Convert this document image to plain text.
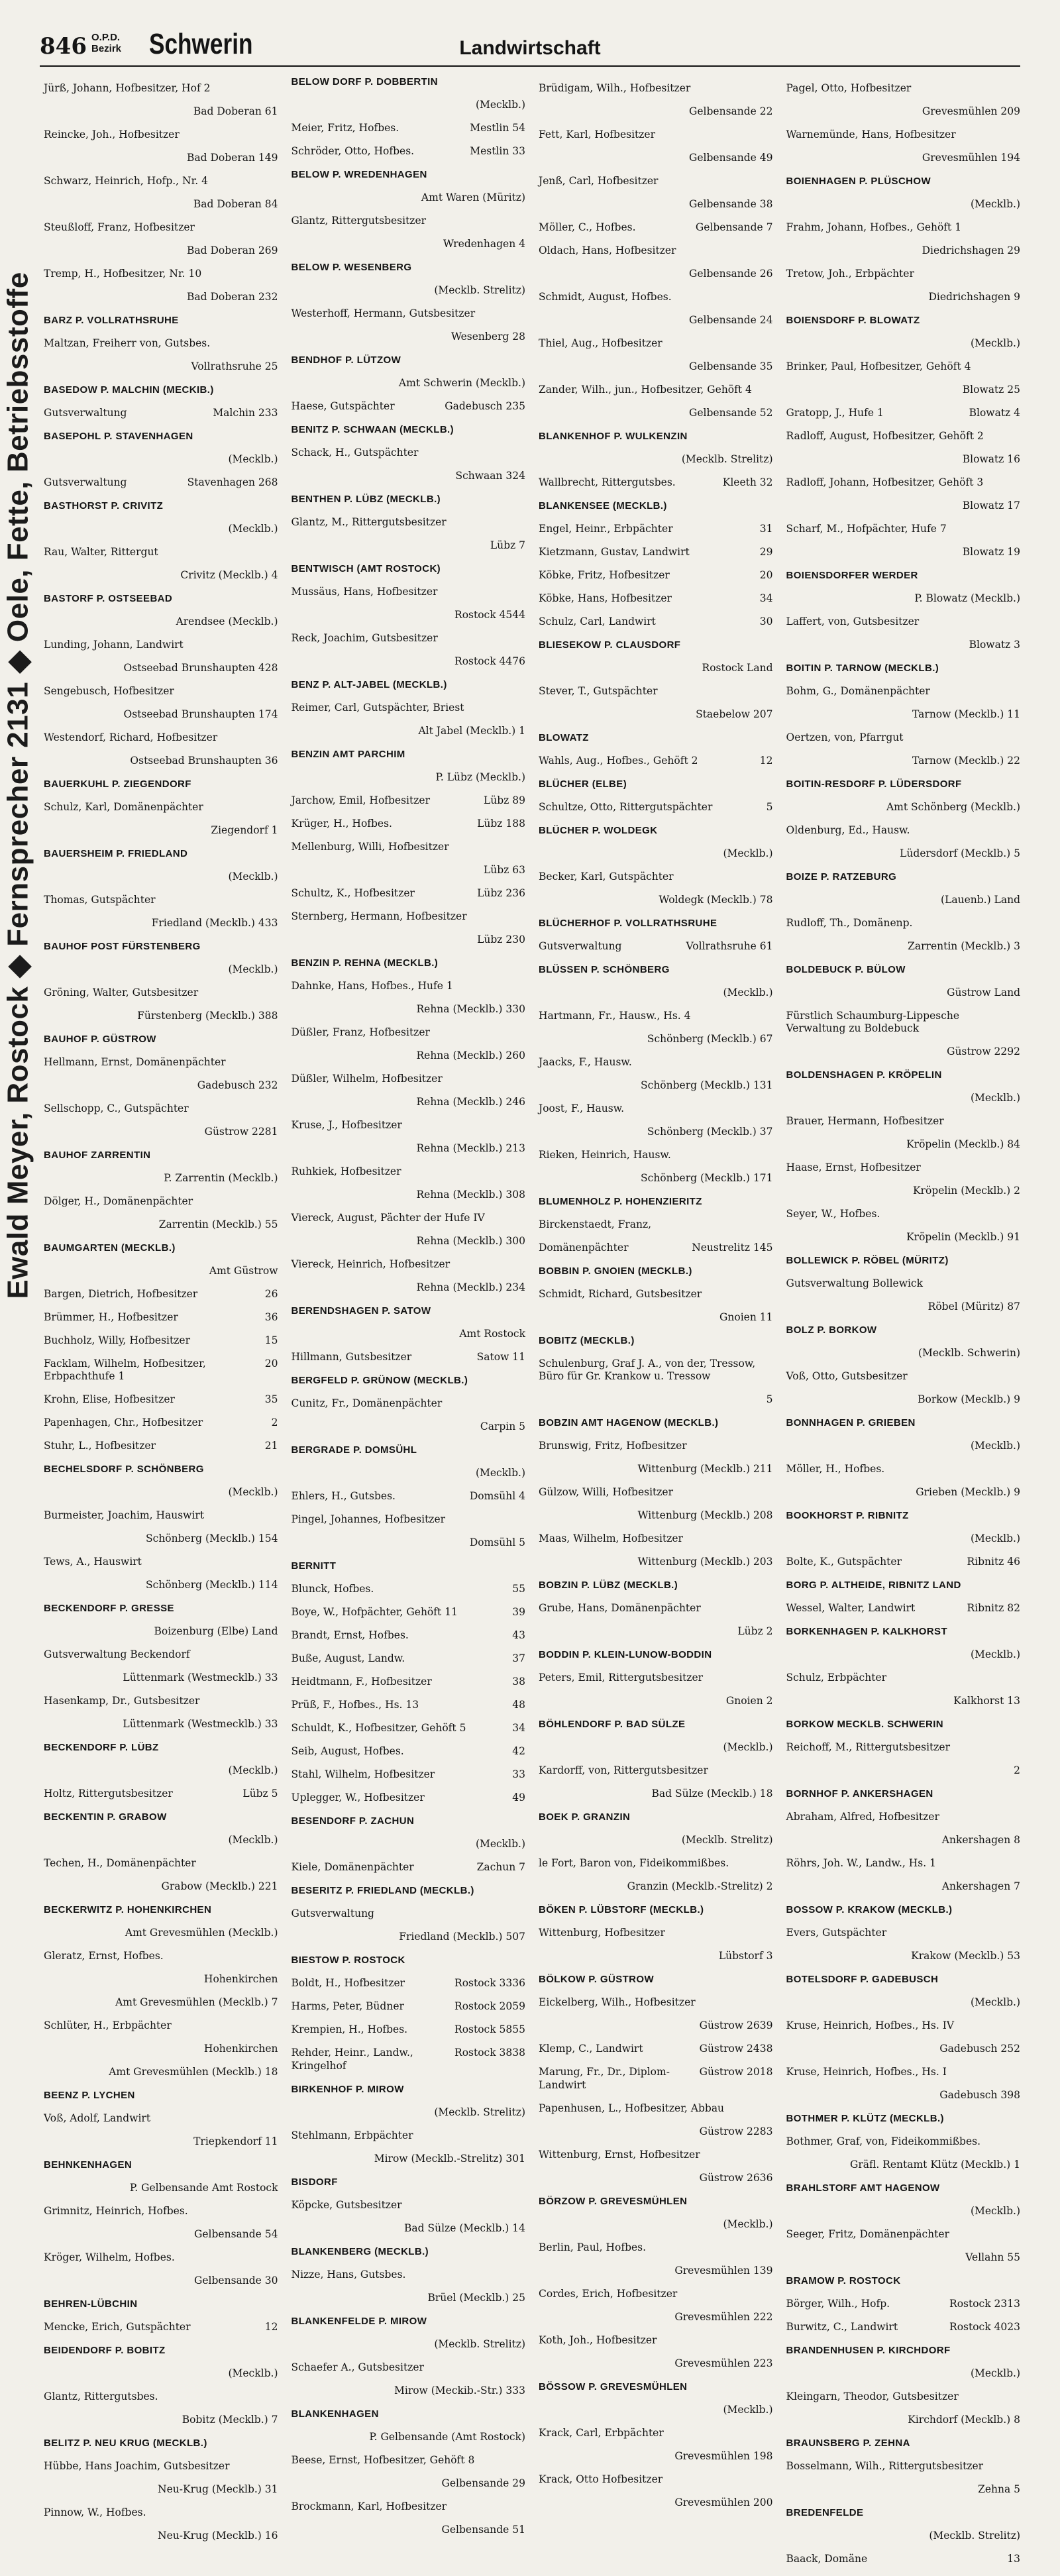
846 O.P.D.
Bezirk Schwerin	Landwirtschaft
Ewald Meyer, Rostock ◆ Fernsprecher 2131 ◆ Oele, Fette, Betriebsstoffe

Jürß, Johann, Hofbesitzer, Hof 2

Bad Doberan 61

Reincke, Joh., Hofbesitzer

Bad Doberan 149

Schwarz, Heinrich, Hofp., Nr. 4

Bad Doberan 84

Steußloff, Franz, Hofbesitzer

Bad Doberan 269

Tremp, H., Hofbesitzer, Nr. 10

Bad Doberan 232

BARZ P. VOLLRATHSRUHE

Maltzan, Freiherr von, Gutsbes.

Vollrathsruhe 25

BASEDOW P. MALCHIN (MECKIB.)

Gutsverwaltung	Malchin 233

BASEPOHL P. STAVENHAGEN

(Mecklb.)

Gutsverwaltung	Stavenhagen 268

BASTHORST P. CRIVITZ

(Mecklb.)

Rau, Walter, Rittergut

Crivitz (Mecklb.) 4

BASTORF P. OSTSEEBAD

Arendsee (Mecklb.)

Lunding, Johann, Landwirt

Ostseebad Brunshaupten 428

Sengebusch, Hofbesitzer

Ostseebad Brunshaupten 174

Westendorf, Richard, Hofbesitzer

Ostseebad Brunshaupten 36

BAUERKUHL P. ZIEGENDORF

Schulz, Karl, Domänenpächter

Ziegendorf 1

BAUERSHEIM P. FRIEDLAND

(Mecklb.)

Thomas, Gutspächter

Friedland (Mecklb.) 433

BAUHOF POST FÜRSTENBERG

(Mecklb.)

Gröning, Walter, Gutsbesitzer

Fürstenberg (Mecklb.) 388

BAUHOF P. GÜSTROW

Hellmann, Ernst, Domänenpächter

Gadebusch 232

Sellschopp, C., Gutspächter

Güstrow 2281

BAUHOF ZARRENTIN

P. Zarrentin (Mecklb.)

Dölger, H., Domänenpächter

Zarrentin (Mecklb.) 55

BAUMGARTEN (MECKLB.)

Amt Güstrow

Bargen, Dietrich, Hofbesitzer	26

Brümmer, H., Hofbesitzer	36

Buchholz, Willy, Hofbesitzer	15

Facklam, Wilhelm, Hofbesitzer, Erbpachthufe 1
20

Krohn, Elise, Hofbesitzer	35

Papenhagen, Chr., Hofbesitzer	2

Stuhr, L., Hofbesitzer	21

BECHELSDORF P. SCHÖNBERG

(Mecklb.)

Burmeister, Joachim, Hauswirt

Schönberg (Mecklb.) 154

Tews, A., Hauswirt

Schönberg (Mecklb.) 114

BECKENDORF P. GRESSE

Boizenburg (Elbe) Land

Gutsverwaltung Beckendorf

Lüttenmark (Westmecklb.) 33

Hasenkamp, Dr., Gutsbesitzer

Lüttenmark (Westmecklb.) 33

BECKENDORF P. LÜBZ

(Mecklb.)

Holtz, Rittergutsbesitzer	Lübz 5

BECKENTIN P. GRABOW

(Mecklb.)

Techen, H., Domänenpächter

Grabow (Mecklb.) 221

BECKERWITZ P. HOHENKIRCHEN

Amt Grevesmühlen (Mecklb.)

Gleratz, Ernst, Hofbes.

Hohenkirchen

Amt Grevesmühlen (Mecklb.) 7

Schlüter, H., Erbpächter

Hohenkirchen

Amt Grevesmühlen (Mecklb.) 18

BEENZ P. LYCHEN

Voß, Adolf, Landwirt

Triepkendorf 11

BEHNKENHAGEN

P. Gelbensande Amt Rostock

Grimnitz, Heinrich, Hofbes.

Gelbensande 54

Kröger, Wilhelm, Hofbes.

Gelbensande 30

BEHREN-LÜBCHIN

Mencke, Erich, Gutspächter	12

BEIDENDORF P. BOBITZ

(Mecklb.)

Glantz, Rittergutsbes.

Bobitz (Mecklb.) 7

BELITZ P. NEU KRUG (MECKLB.)

Hübbe, Hans Joachim, Gutsbesitzer

Neu-Krug (Mecklb.) 31

Pinnow, W., Hofbes.

Neu-Krug (Mecklb.) 16

BELOW DORF P. DOBBERTIN

(Mecklb.)

Meier, Fritz, Hofbes.	Mestlin 54

Schröder, Otto, Hofbes.	Mestlin 33

BELOW P. WREDENHAGEN

Amt Waren (Müritz)

Glantz, Rittergutsbesitzer

Wredenhagen 4

BELOW P. WESENBERG

(Mecklb. Strelitz)

Westerhoff, Hermann, Gutsbesitzer

Wesenberg 28

BENDHOF P. LÜTZOW

Amt Schwerin (Mecklb.)

Haese, Gutspächter	Gadebusch 235

BENITZ P. SCHWAAN (MECKLB.)

Schack, H., Gutspächter

Schwaan 324

BENTHEN P. LÜBZ (MECKLB.)

Glantz, M., Rittergutsbesitzer

Lübz 7

BENTWISCH (AMT ROSTOCK)

Mussäus, Hans, Hofbesitzer

Rostock 4544

Reck, Joachim, Gutsbesitzer

Rostock 4476

BENZ P. ALT-JABEL (MECKLB.)

Reimer, Carl, Gutspächter, Briest

Alt Jabel (Mecklb.) 1

BENZIN AMT PARCHIM

P. Lübz (Mecklb.)

Jarchow, Emil, Hofbesitzer	Lübz 89

Krüger, H., Hofbes.	Lübz 188

Mellenburg, Willi, Hofbesitzer

Lübz 63

Schultz, K., Hofbesitzer	Lübz 236

Sternberg, Hermann, Hofbesitzer

Lübz 230

BENZIN P. REHNA (MECKLB.)

Dahnke, Hans, Hofbes., Hufe 1

Rehna (Mecklb.) 330

Düßler, Franz, Hofbesitzer

Rehna (Mecklb.) 260

Düßler, Wilhelm, Hofbesitzer

Rehna (Mecklb.) 246

Kruse, J., Hofbesitzer

Rehna (Mecklb.) 213

Ruhkiek, Hofbesitzer

Rehna (Mecklb.) 308

Viereck, August, Pächter der Hufe IV

Rehna (Mecklb.) 300

Viereck, Heinrich, Hofbesitzer

Rehna (Mecklb.) 234

BERENDSHAGEN P. SATOW

Amt Rostock

Hillmann, Gutsbesitzer	Satow 11

BERGFELD P. GRÜNOW (MECKLB.)

Cunitz, Fr., Domänenpächter

Carpin 5

BERGRADE P. DOMSÜHL

(Mecklb.)

Ehlers, H., Gutsbes.	Domsühl 4

Pingel, Johannes, Hofbesitzer

Domsühl 5

BERNITT

Blunck, Hofbes.	55

Boye, W., Hofpächter, Gehöft 11	39

Brandt, Ernst, Hofbes.	43

Buße, August, Landw.	37

Heidtmann, F., Hofbesitzer	38

Prüß, F., Hofbes., Hs. 13	48

Schuldt, K., Hofbesitzer, Gehöft 5	34

Seib, August, Hofbes.	42

Stahl, Wilhelm, Hofbesitzer	33

Uplegger, W., Hofbesitzer	49

BESENDORF P. ZACHUN

(Mecklb.)

Kiele, Domänenpächter	Zachun 7

BESERITZ P. FRIEDLAND (MECKLB.)

Gutsverwaltung

Friedland (Mecklb.) 507

BIESTOW P. ROSTOCK

Boldt, H., Hofbesitzer	Rostock 3336

Harms, Peter, Büdner	Rostock 2059

Krempien, H., Hofbes.	Rostock 5855

Rehder, Heinr., Landw., Kringelhof
Rostock 3838

BIRKENHOF P. MIROW

(Mecklb. Strelitz)

Stehlmann, Erbpächter

Mirow (Mecklb.-Strelitz) 301

BISDORF

Köpcke, Gutsbesitzer

Bad Sülze (Mecklb.) 14

BLANKENBERG (MECKLB.)

Nizze, Hans, Gutsbes.

Brüel (Mecklb.) 25

BLANKENFELDE P. MIROW

(Mecklb. Strelitz)

Schaefer A., Gutsbesitzer

Mirow (Meckib.-Str.) 333

BLANKENHAGEN

P. Gelbensande (Amt Rostock)

Beese, Ernst, Hofbesitzer, Gehöft 8

Gelbensande 29

Brockmann, Karl, Hofbesitzer

Gelbensande 51

Brüdigam, Wilh., Hofbesitzer

Gelbensande 22

Fett, Karl, Hofbesitzer

Gelbensande 49

Jenß, Carl, Hofbesitzer

Gelbensande 38

Möller, C., Hofbes.	Gelbensande 7

Oldach, Hans, Hofbesitzer

Gelbensande 26

Schmidt, August, Hofbes.

Gelbensande 24

Thiel, Aug., Hofbesitzer

Gelbensande 35

Zander, Wilh., jun., Hofbesitzer, Gehöft 4

Gelbensande 52

BLANKENHOF P. WULKENZIN

(Mecklb. Strelitz)

Wallbrecht, Rittergutsbes.	Kleeth 32

BLANKENSEE (MECKLB.)

Engel, Heinr., Erbpächter	31

Kietzmann, Gustav, Landwirt	29

Köbke, Fritz, Hofbesitzer	20

Köbke, Hans, Hofbesitzer	34

Schulz, Carl, Landwirt	30

BLIESEKOW P. CLAUSDORF

Rostock Land

Stever, T., Gutspächter

Staebelow 207

BLOWATZ

Wahls, Aug., Hofbes., Gehöft 2	12

BLÜCHER (ELBE)

Schultze, Otto, Rittergutspächter	5

BLÜCHER P. WOLDEGK

(Mecklb.)

Becker, Karl, Gutspächter

Woldegk (Mecklb.) 78

BLÜCHERHOF P. VOLLRATHSRUHE

Gutsverwaltung	Vollrathsruhe 61

BLÜSSEN P. SCHÖNBERG

(Mecklb.)

Hartmann, Fr., Hausw., Hs. 4

Schönberg (Mecklb.) 67

Jaacks, F., Hausw.

Schönberg (Mecklb.) 131

Joost, F., Hausw.

Schönberg (Mecklb.) 37

Rieken, Heinrich, Hausw.

Schönberg (Mecklb.) 171

BLUMENHOLZ P. HOHENZIERITZ

Birckenstaedt, Franz,

Domänenpächter	Neustrelitz 145

BOBBIN P. GNOIEN (MECKLB.)

Schmidt, Richard, Gutsbesitzer

Gnoien 11

BOBITZ (MECKLB.)

Schulenburg, Graf J. A., von der, Tressow, Büro für Gr. Krankow u. Tressow

5

BOBZIN AMT HAGENOW (MECKLB.)

Brunswig, Fritz, Hofbesitzer

Wittenburg (Mecklb.) 211

Gülzow, Willi, Hofbesitzer

Wittenburg (Mecklb.) 208

Maas, Wilhelm, Hofbesitzer

Wittenburg (Mecklb.) 203

BOBZIN P. LÜBZ (MECKLB.)

Grube, Hans, Domänenpächter

Lübz 2

BODDIN P. KLEIN-LUNOW-BODDIN

Peters, Emil, Rittergutsbesitzer

Gnoien 2

BÖHLENDORF P. BAD SÜLZE

(Mecklb.)

Kardorff, von, Rittergutsbesitzer

Bad Sülze (Mecklb.) 18

BOEK P. GRANZIN

(Mecklb. Strelitz)

le Fort, Baron von, Fideikommißbes.

Granzin (Mecklb.-Strelitz) 2

BÖKEN P. LÜBSTORF (MECKLB.)

Wittenburg, Hofbesitzer

Lübstorf 3

BÖLKOW P. GÜSTROW

Eickelberg, Wilh., Hofbesitzer

Güstrow 2639

Klemp, C., Landwirt	Güstrow 2438

Marung, Fr., Dr., Diplom-Landwirt
Güstrow 2018

Papenhusen, L., Hofbesitzer, Abbau

Güstrow 2283

Wittenburg, Ernst, Hofbesitzer

Güstrow 2636

BÖRZOW P. GREVESMÜHLEN

(Mecklb.)

Berlin, Paul, Hofbes.

Grevesmühlen 139

Cordes, Erich, Hofbesitzer

Grevesmühlen 222

Koth, Joh., Hofbesitzer

Grevesmühlen 223

BÖSSOW P. GREVESMÜHLEN

(Mecklb.)

Krack, Carl, Erbpächter

Grevesmühlen 198

Krack, Otto Hofbesitzer

Grevesmühlen 200

Pagel, Otto, Hofbesitzer

Grevesmühlen 209

Warnemünde, Hans, Hofbesitzer

Grevesmühlen 194

BOIENHAGEN P. PLÜSCHOW

(Mecklb.)

Frahm, Johann, Hofbes., Gehöft 1

Diedrichshagen 29

Tretow, Joh., Erbpächter

Diedrichshagen 9

BOIENSDORF P. BLOWATZ

(Mecklb.)

Brinker, Paul, Hofbesitzer, Gehöft 4

Blowatz 25

Gratopp, J., Hufe 1	Blowatz 4

Radloff, August, Hofbesitzer, Gehöft 2

Blowatz 16

Radloff, Johann, Hofbesitzer, Gehöft 3

Blowatz 17

Scharf, M., Hofpächter, Hufe 7

Blowatz 19

BOIENSDORFER WERDER

P. Blowatz (Mecklb.)

Laffert, von, Gutsbesitzer

Blowatz 3

BOITIN P. TARNOW (MECKLB.)

Bohm, G., Domänenpächter

Tarnow (Mecklb.) 11

Oertzen, von, Pfarrgut

Tarnow (Mecklb.) 22

BOITIN-RESDORF P. LÜDERSDORF

Amt Schönberg (Mecklb.)

Oldenburg, Ed., Hausw.

Lüdersdorf (Mecklb.) 5

BOIZE P. RATZEBURG

(Lauenb.) Land

Rudloff, Th., Domänenp.

Zarrentin (Mecklb.) 3

BOLDEBUCK P. BÜLOW

Güstrow Land

Fürstlich Schaumburg-Lippesche Verwaltung zu Boldebuck

Güstrow 2292

BOLDENSHAGEN P. KRÖPELIN

(Mecklb.)

Brauer, Hermann, Hofbesitzer

Kröpelin (Mecklb.) 84

Haase, Ernst, Hofbesitzer

Kröpelin (Mecklb.) 2

Seyer, W., Hofbes.

Kröpelin (Mecklb.) 91

BOLLEWICK P. RÖBEL (MÜRITZ)

Gutsverwaltung Bollewick

Röbel (Müritz) 87

BOLZ P. BORKOW

(Mecklb. Schwerin)

Voß, Otto, Gutsbesitzer

Borkow (Mecklb.) 9

BONNHAGEN P. GRIEBEN

(Mecklb.)

Möller, H., Hofbes.

Grieben (Mecklb.) 9

BOOKHORST P. RIBNITZ

(Mecklb.)

Bolte, K., Gutspächter	Ribnitz 46

BORG P. ALTHEIDE, RIBNITZ LAND

Wessel, Walter, Landwirt	Ribnitz 82

BORKENHAGEN P. KALKHORST

(Mecklb.)

Schulz, Erbpächter

Kalkhorst 13

BORKOW MECKLB. SCHWERIN

Reichoff, M., Rittergutsbesitzer

2

BORNHOF P. ANKERSHAGEN

Abraham, Alfred, Hofbesitzer

Ankershagen 8

Röhrs, Joh. W., Landw., Hs. 1

Ankershagen 7

BOSSOW P. KRAKOW (MECKLB.)

Evers, Gutspächter

Krakow (Mecklb.) 53

BOTELSDORF P. GADEBUSCH

(Mecklb.)

Kruse, Heinrich, Hofbes., Hs. IV

Gadebusch 252

Kruse, Heinrich, Hofbes., Hs. I

Gadebusch 398

BOTHMER P. KLÜTZ (MECKLB.)

Bothmer, Graf, von, Fideikommißbes.

Gräfl. Rentamt Klütz (Mecklb.) 1

BRAHLSTORF AMT HAGENOW

(Mecklb.)

Seeger, Fritz, Domänenpächter

Vellahn 55

BRAMOW P. ROSTOCK

Börger, Wilh., Hofp.	Rostock 2313

Burwitz, C., Landwirt	Rostock 4023

BRANDENHUSEN P. KIRCHDORF

(Mecklb.)

Kleingarn, Theodor, Gutsbesitzer

Kirchdorf (Mecklb.) 8

BRAUNSBERG P. ZEHNA

Bosselmann, Wilh., Rittergutsbesitzer

Zehna 5

BREDENFELDE

(Mecklb. Strelitz)

Baack, Domäne	13
